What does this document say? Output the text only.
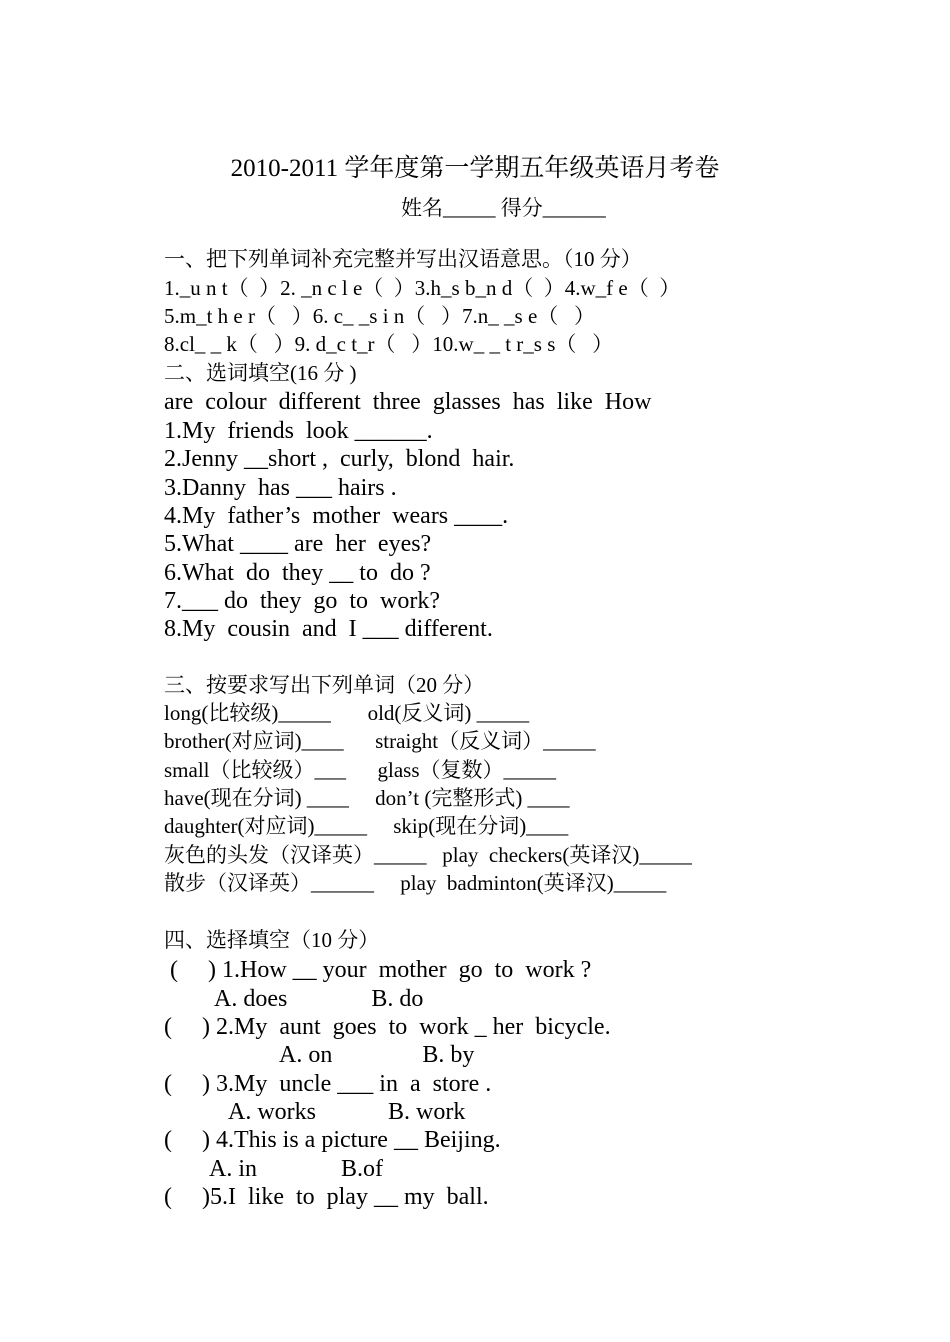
2010-2011 学年度第一学期五年级英语月考卷
姓名_____ 得分______
一、把下列单词补充完整并写出汉语意思。（10 分）
1._u n t（  ）2. _n c l e（  ）3.h_s b_n d（  ）4.w_f e（  ）
5.m_t h e r（   ）6. c_ _s i n（   ）7.n_ _s e（   ）
8.cl_ _ k（   ）9. d_c t_r（   ）10.w_ _ t r_s s（   ）
二、选词填空(16 分 )
are  colour  different  three  glasses  has  like  How
1.My  friends  look ______.
2.Jenny __short ,  curly,  blond  hair.
3.Danny  has ___ hairs .
4.My  father’s  mother  wears ____.
5.What ____ are  her  eyes?
6.What  do  they __ to  do ?
7.___ do  they  go  to  work?
8.My  cousin  and  I ___ different.
三、按要求写出下列单词（20 分）
long(比较级)_____       old(反义词) _____
brother(对应词)____      straight（反义词）_____
small（比较级）___      glass（复数）_____
have(现在分词) ____     don’t (完整形式) ____
daughter(对应词)_____     skip(现在分词)____
灰色的头发（汉译英）_____   play  checkers(英译汉)_____
散步（汉译英）______     play  badminton(英译汉)_____
四、选择填空（10 分）
(     ) 1.How __ your  mother  go  to  work ?
A. does              B. do
(     ) 2.My  aunt  goes  to  work _ her  bicycle.
A. on               B. by
(     ) 3.My  uncle ___ in  a  store .
A. works            B. work
(     ) 4.This is a picture __ Beijing.
A. in              B.of
(     )5.I  like  to  play __ my  ball.
